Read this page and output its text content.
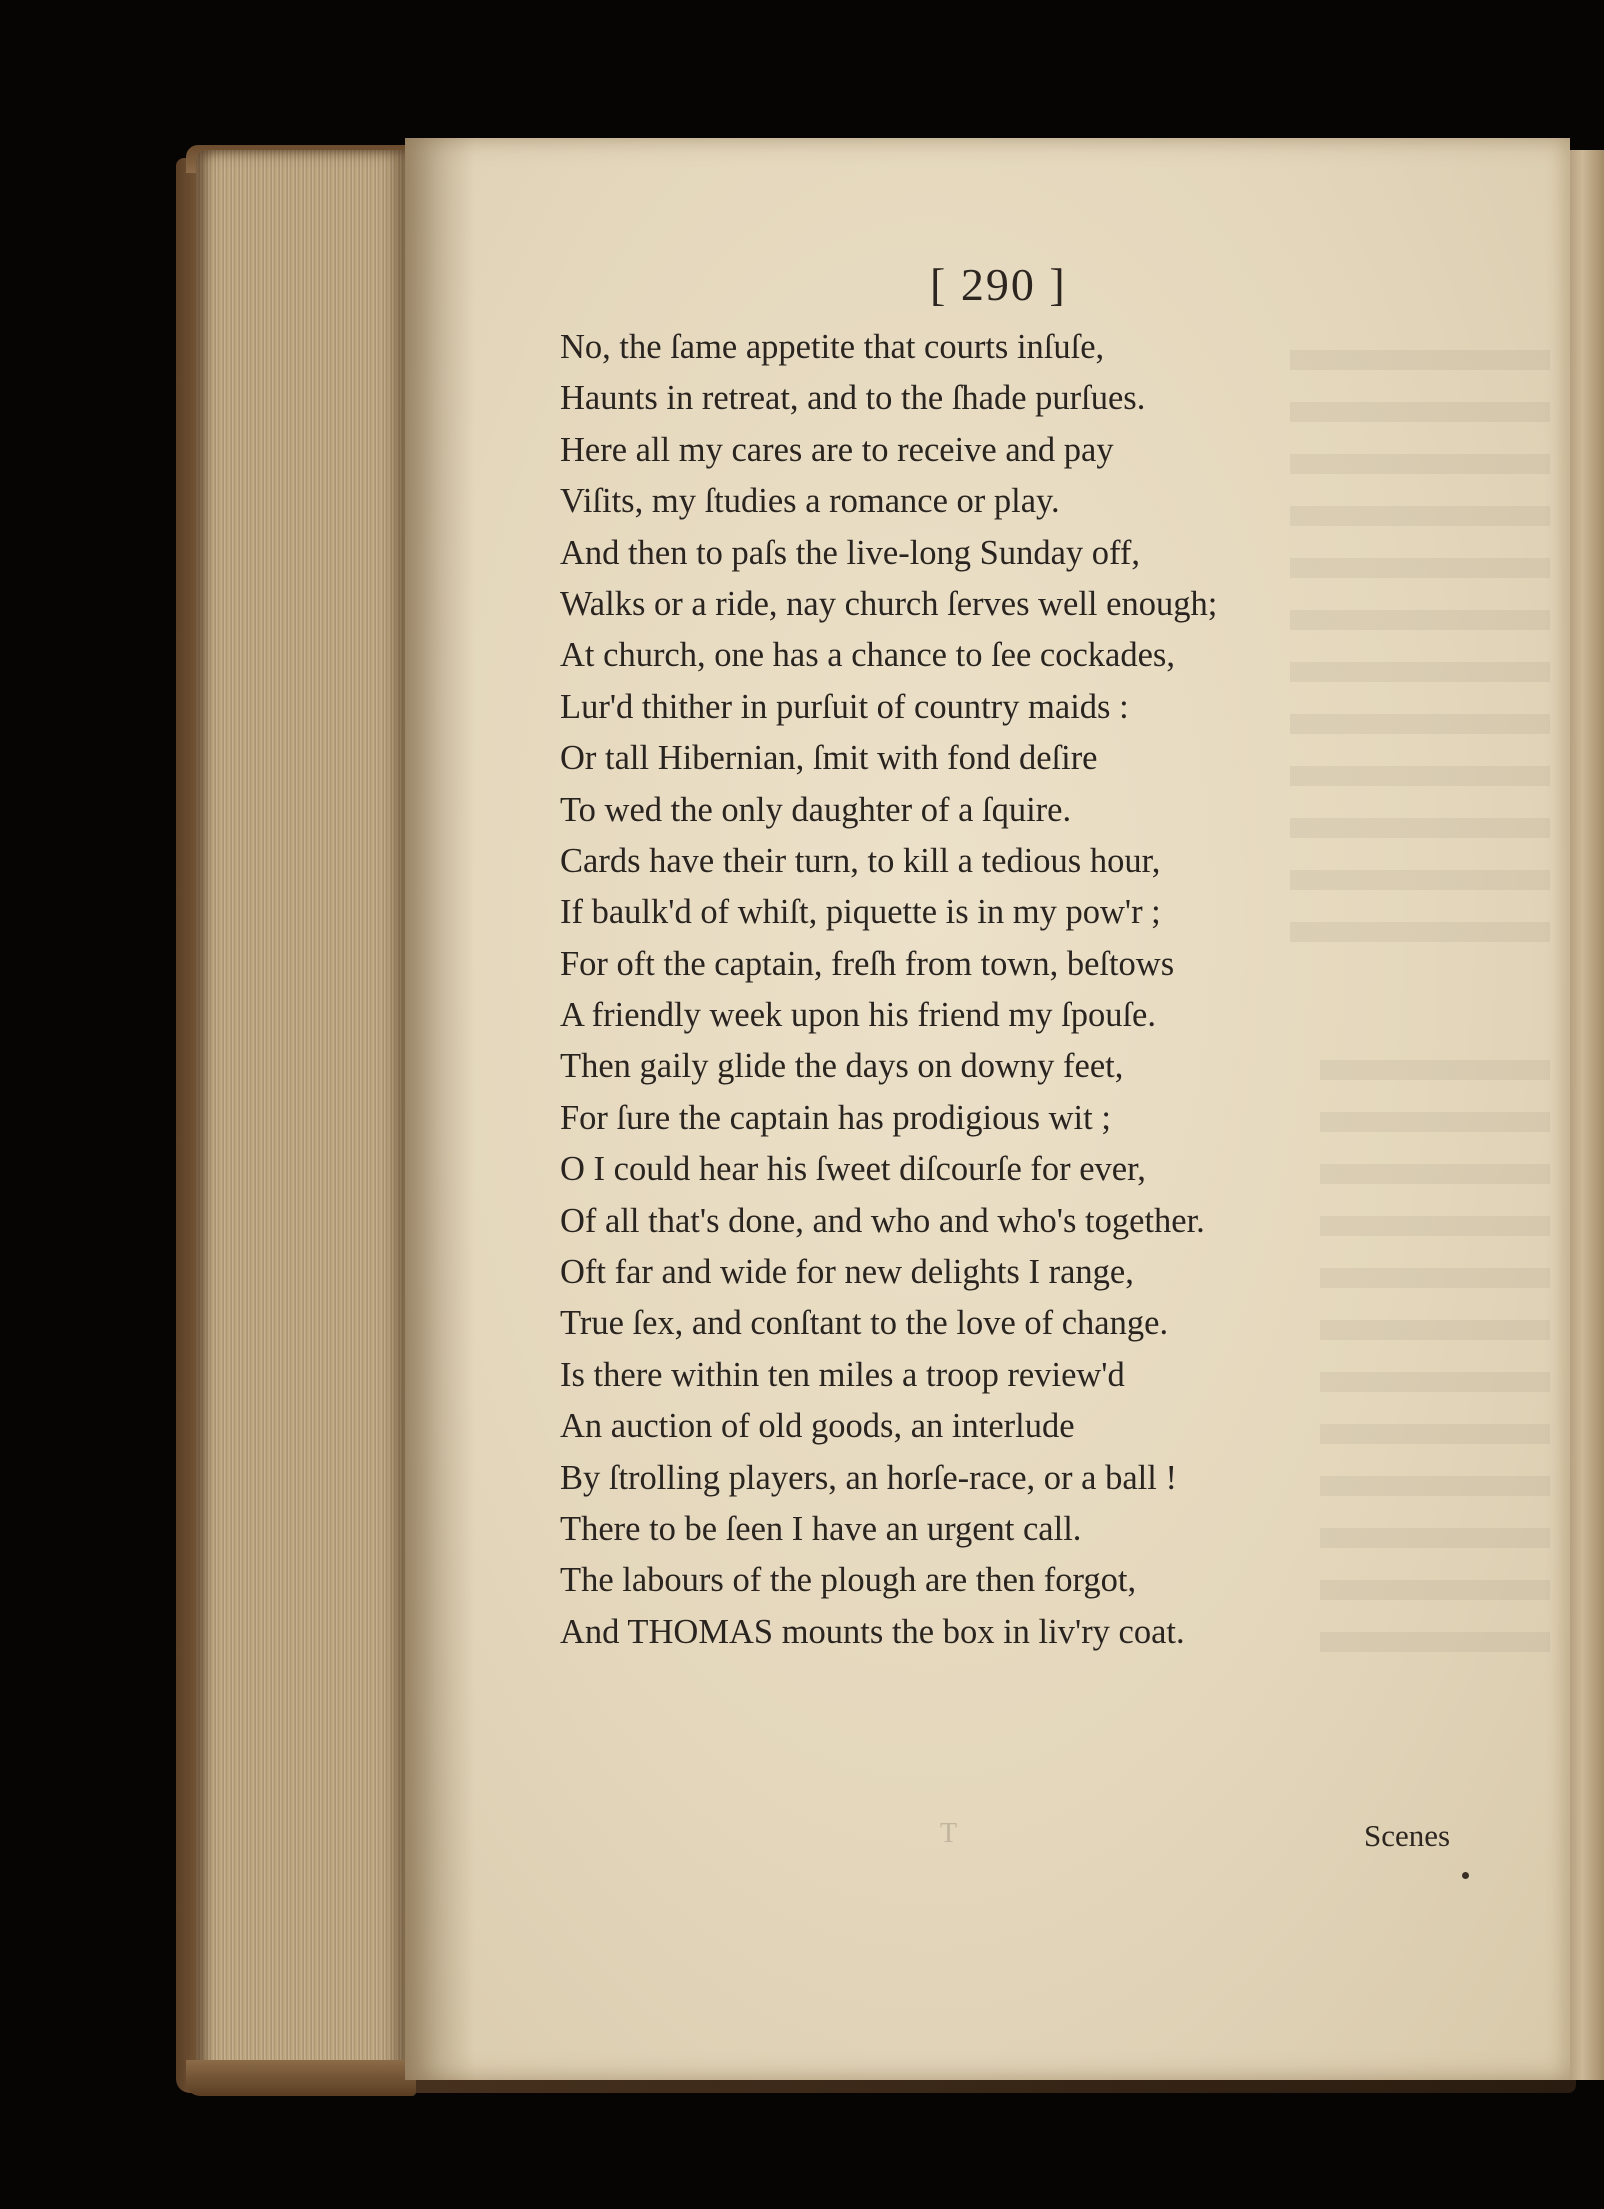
[ 290 ]
No, the ſame appetite that courts inſuſe,
Haunts in retreat, and to the ſhade purſues.
Here all my cares are to receive and pay
Viſits, my ſtudies a romance or play.
And then to paſs the live-long Sunday off,
Walks or a ride, nay church ſerves well enough;
At church, one has a chance to ſee cockades,
Lur'd thither in purſuit of country maids :
Or tall Hibernian, ſmit with fond deſire
To wed the only daughter of a ſquire.
Cards have their turn, to kill a tedious hour,
If baulk'd of whiſt, piquette is in my pow'r ;
For oft the captain, freſh from town, beſtows
A friendly week upon his friend my ſpouſe.
Then gaily glide the days on downy feet,
For ſure the captain has prodigious wit ;
O I could hear his ſweet diſcourſe for ever,
Of all that's done, and who and who's together.
Oft far and wide for new delights I range,
True ſex, and conſtant to the love of change.
Is there within ten miles a troop review'd
An auction of old goods, an interlude
By ſtrolling players, an horſe-race, or a ball !
There to be ſeen I have an urgent call.
The labours of the plough are then forgot,
And THOMAS mounts the box in liv'ry coat.
T	Scenes
